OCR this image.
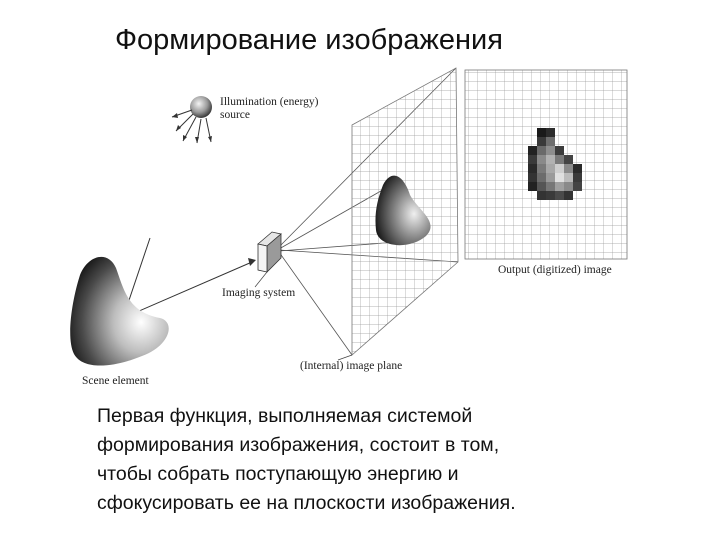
Формирование изображения
Illumination (energy)
source
Imaging system
Scene element
(Internal) image plane
Output (digitized) image
Первая функция, выполняемая системой
формирования изображения, состоит в том,
чтобы собрать поступающую энергию и
сфокусировать ее на плоскости изображения.
